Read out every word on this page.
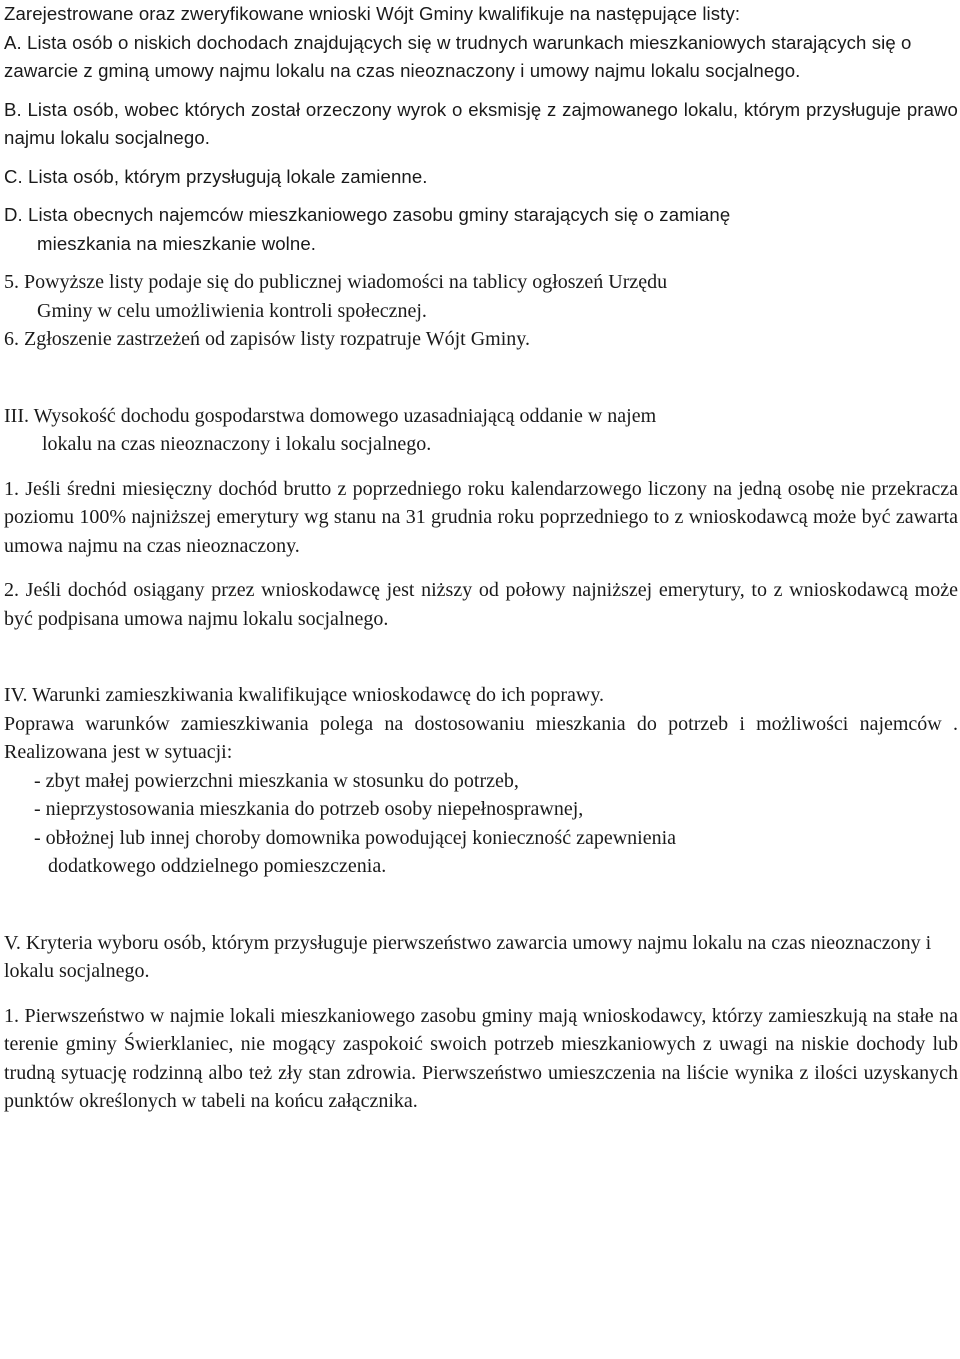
Zarejestrowane oraz zweryfikowane wnioski Wójt Gminy kwalifikuje na następujące listy:

A. Lista osób o niskich dochodach znajdujących się w trudnych warunkach mieszkaniowych starających się o zawarcie z gminą umowy najmu lokalu na czas nieoznaczony i umowy najmu lokalu socjalnego.

B. Lista osób, wobec których został orzeczony wyrok o eksmisję z zajmowanego lokalu, którym przysługuje prawo najmu lokalu socjalnego.

C. Lista osób, którym przysługują lokale zamienne.

D. Lista obecnych najemców mieszkaniowego zasobu gminy starających się o zamianę

mieszkania na mieszkanie wolne.

5. Powyższe listy podaje się do publicznej wiadomości na tablicy ogłoszeń Urzędu

Gminy w celu umożliwienia kontroli społecznej.

6. Zgłoszenie zastrzeżeń od zapisów listy rozpatruje Wójt Gminy.

III. Wysokość dochodu gospodarstwa domowego uzasadniającą oddanie w najem

lokalu na czas nieoznaczony i lokalu socjalnego.

1. Jeśli średni miesięczny dochód brutto z poprzedniego roku kalendarzowego liczony na jedną osobę nie przekracza poziomu 100% najniższej emerytury wg stanu na 31 grudnia roku poprzedniego to z wnioskodawcą może być zawarta umowa najmu na czas nieoznaczony.

2. Jeśli dochód osiągany przez wnioskodawcę jest niższy od połowy najniższej emerytury, to z wnioskodawcą może być podpisana umowa najmu lokalu socjalnego.

IV. Warunki zamieszkiwania kwalifikujące wnioskodawcę do ich poprawy.

Poprawa warunków zamieszkiwania polega na dostosowaniu mieszkania do potrzeb i możliwości najemców . Realizowana jest w sytuacji:

- zbyt małej powierzchni mieszkania w stosunku do potrzeb,

- nieprzystosowania mieszkania do potrzeb osoby niepełnosprawnej,

- obłożnej lub innej choroby domownika powodującej konieczność zapewnienia

dodatkowego oddzielnego pomieszczenia.

V. Kryteria wyboru osób, którym przysługuje pierwszeństwo zawarcia umowy najmu lokalu na czas nieoznaczony i lokalu socjalnego.

1. Pierwszeństwo w najmie lokali mieszkaniowego zasobu gminy mają wnioskodawcy, którzy zamieszkują na stałe na terenie gminy Świerklaniec, nie mogący zaspokoić swoich potrzeb mieszkaniowych z uwagi na niskie dochody lub trudną sytuację rodzinną albo też zły stan zdrowia. Pierwszeństwo umieszczenia na liście wynika z ilości uzyskanych punktów określonych w tabeli na końcu załącznika.
